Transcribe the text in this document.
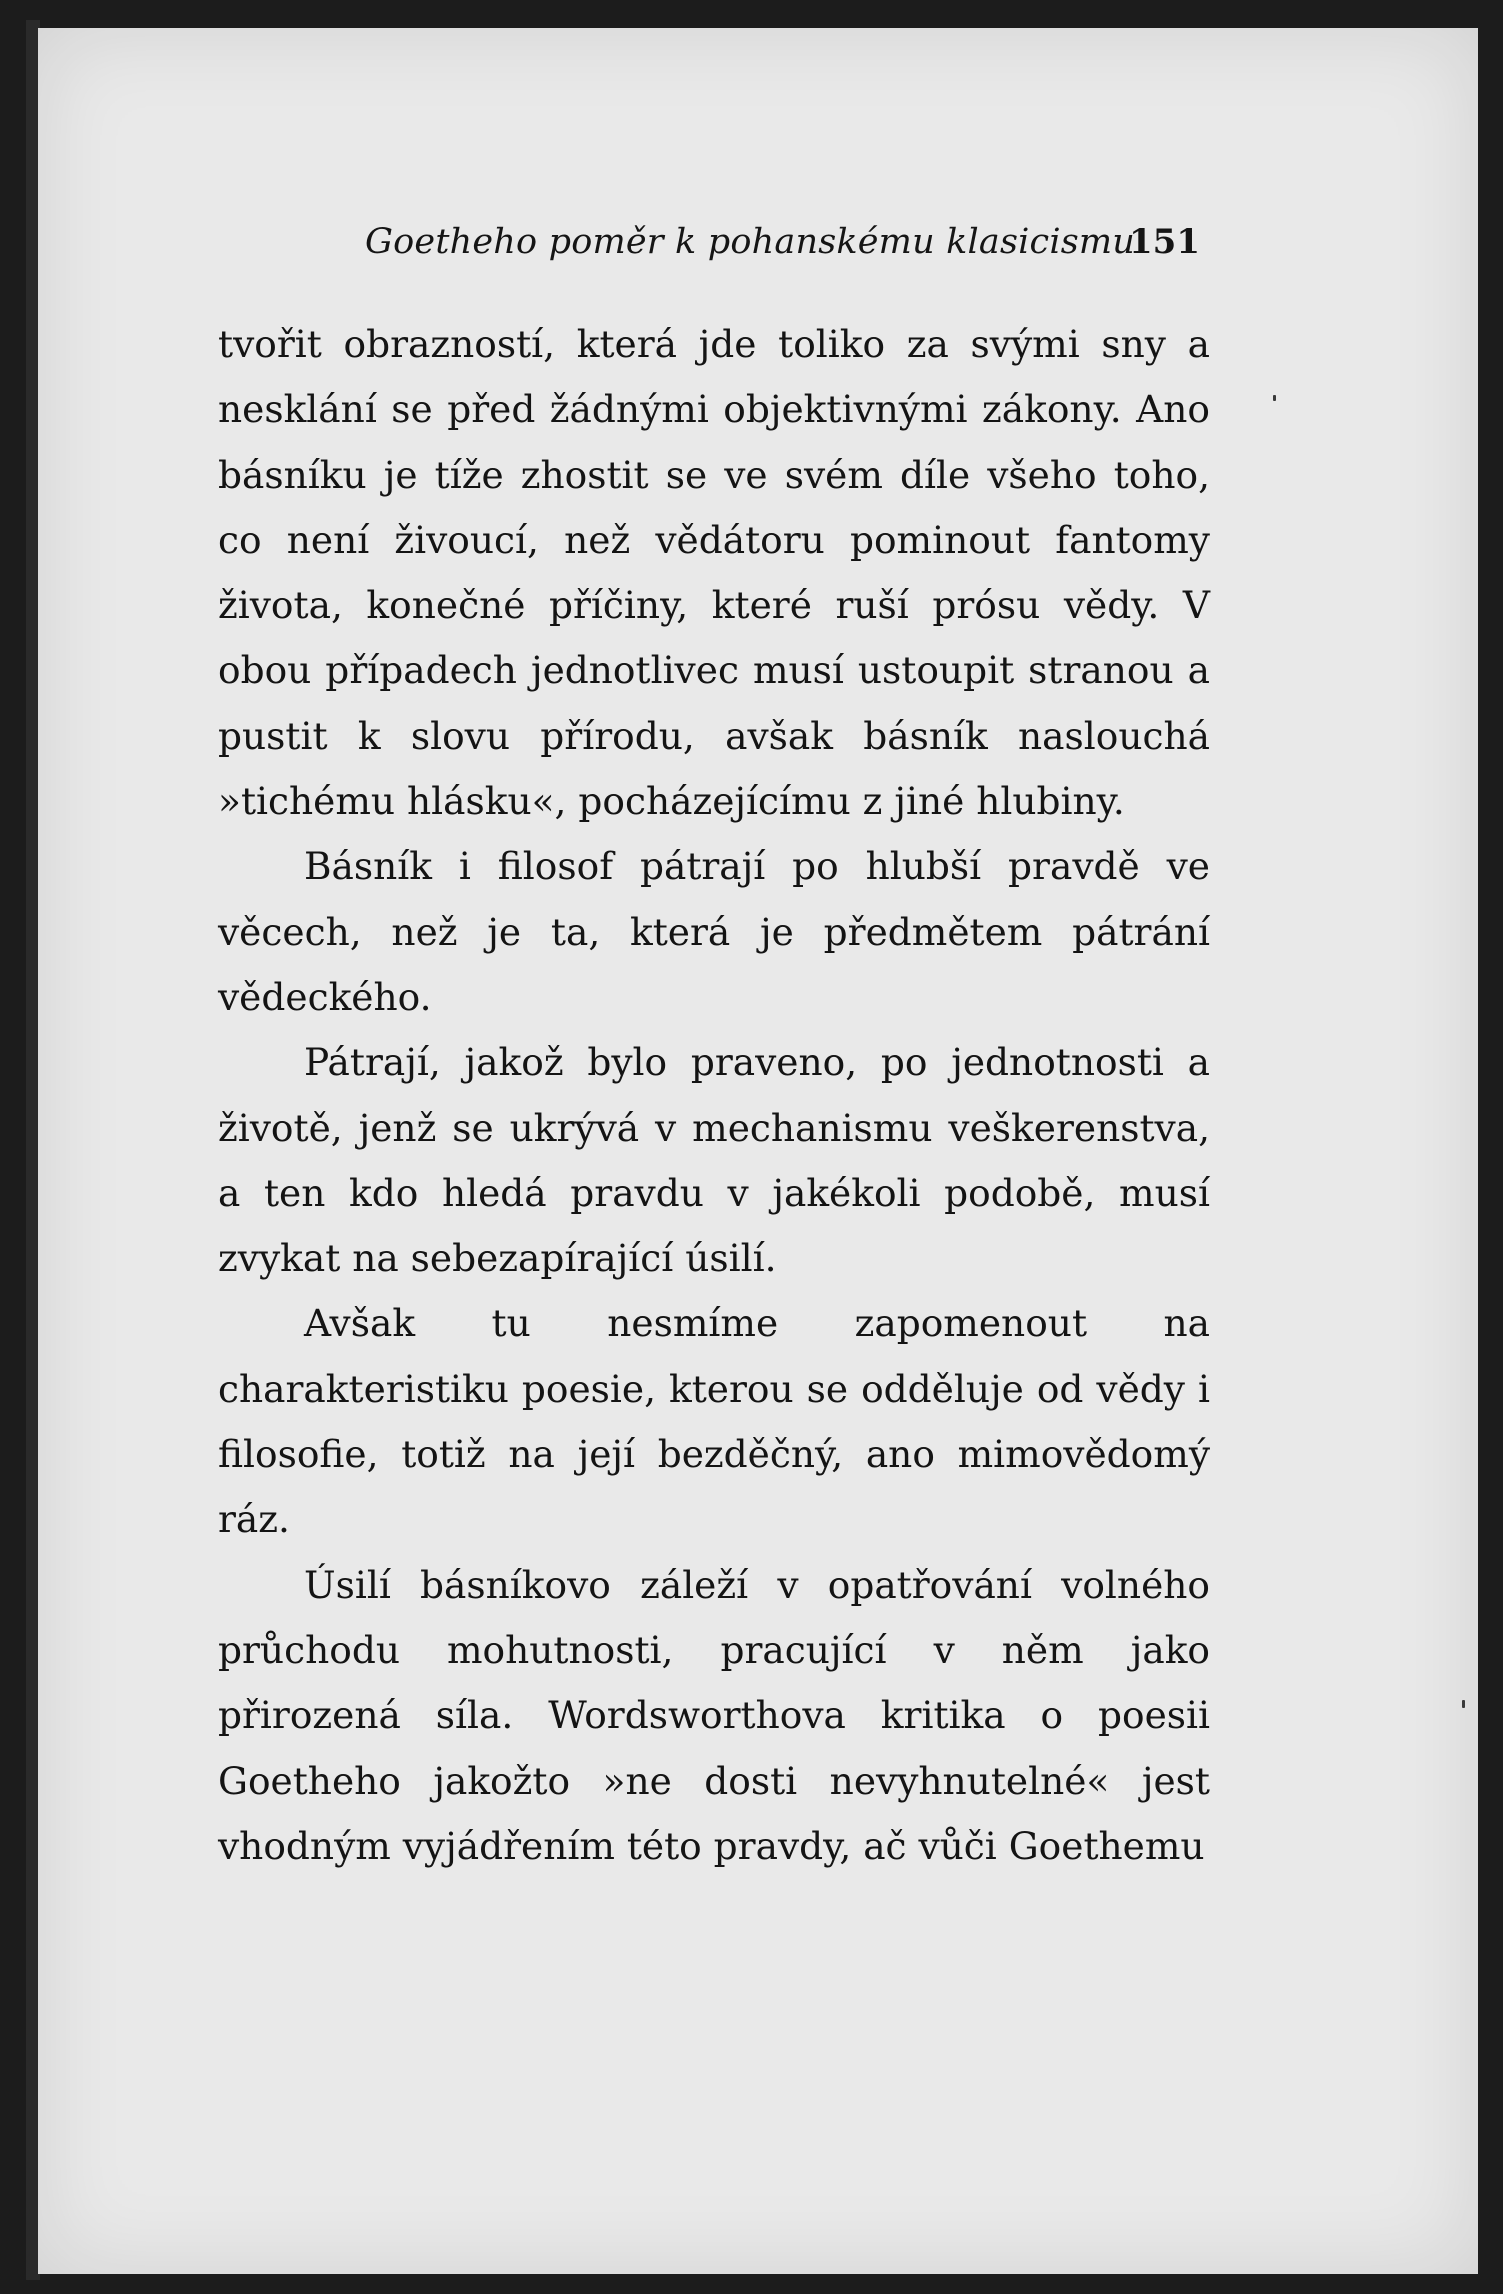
Goetheho poměr k pohanskému klasicismu
151

tvořit obrazností, která jde toliko za svými sny a nesklání se před žádnými objektivnými zákony. Ano básníku je tíže zhostit se ve svém díle všeho toho, co není živoucí, než vědátoru pominout fantomy života, konečné příčiny, které ruší prósu vědy. V obou případech jednotlivec musí ustoupit stranou a pustit k slovu přírodu, avšak básník naslouchá »tichému hlásku«, pocházejícímu z jiné hlubiny.

Básník i filosof pátrají po hlubší pravdě ve věcech, než je ta, která je předmětem pátrání vědeckého.

Pátrají, jakož bylo praveno, po jednotnosti a životě, jenž se ukrývá v mechanismu veškerenstva, a ten kdo hledá pravdu v jakékoli podobě, musí zvykat na sebezapírající úsilí.

Avšak tu nesmíme zapomenout na charakteristiku poesie, kterou se odděluje od vědy i filosofie, totiž na její bezděčný, ano mimovědomý ráz.

Úsilí básníkovo záleží v opatřování volného průchodu mohutnosti, pracující v něm jako přirozená síla. Wordsworthova kritika o poesii Goetheho jakožto »ne dosti nevyhnutelné« jest vhodným vyjádřením této pravdy, ač vůči Goethemu
